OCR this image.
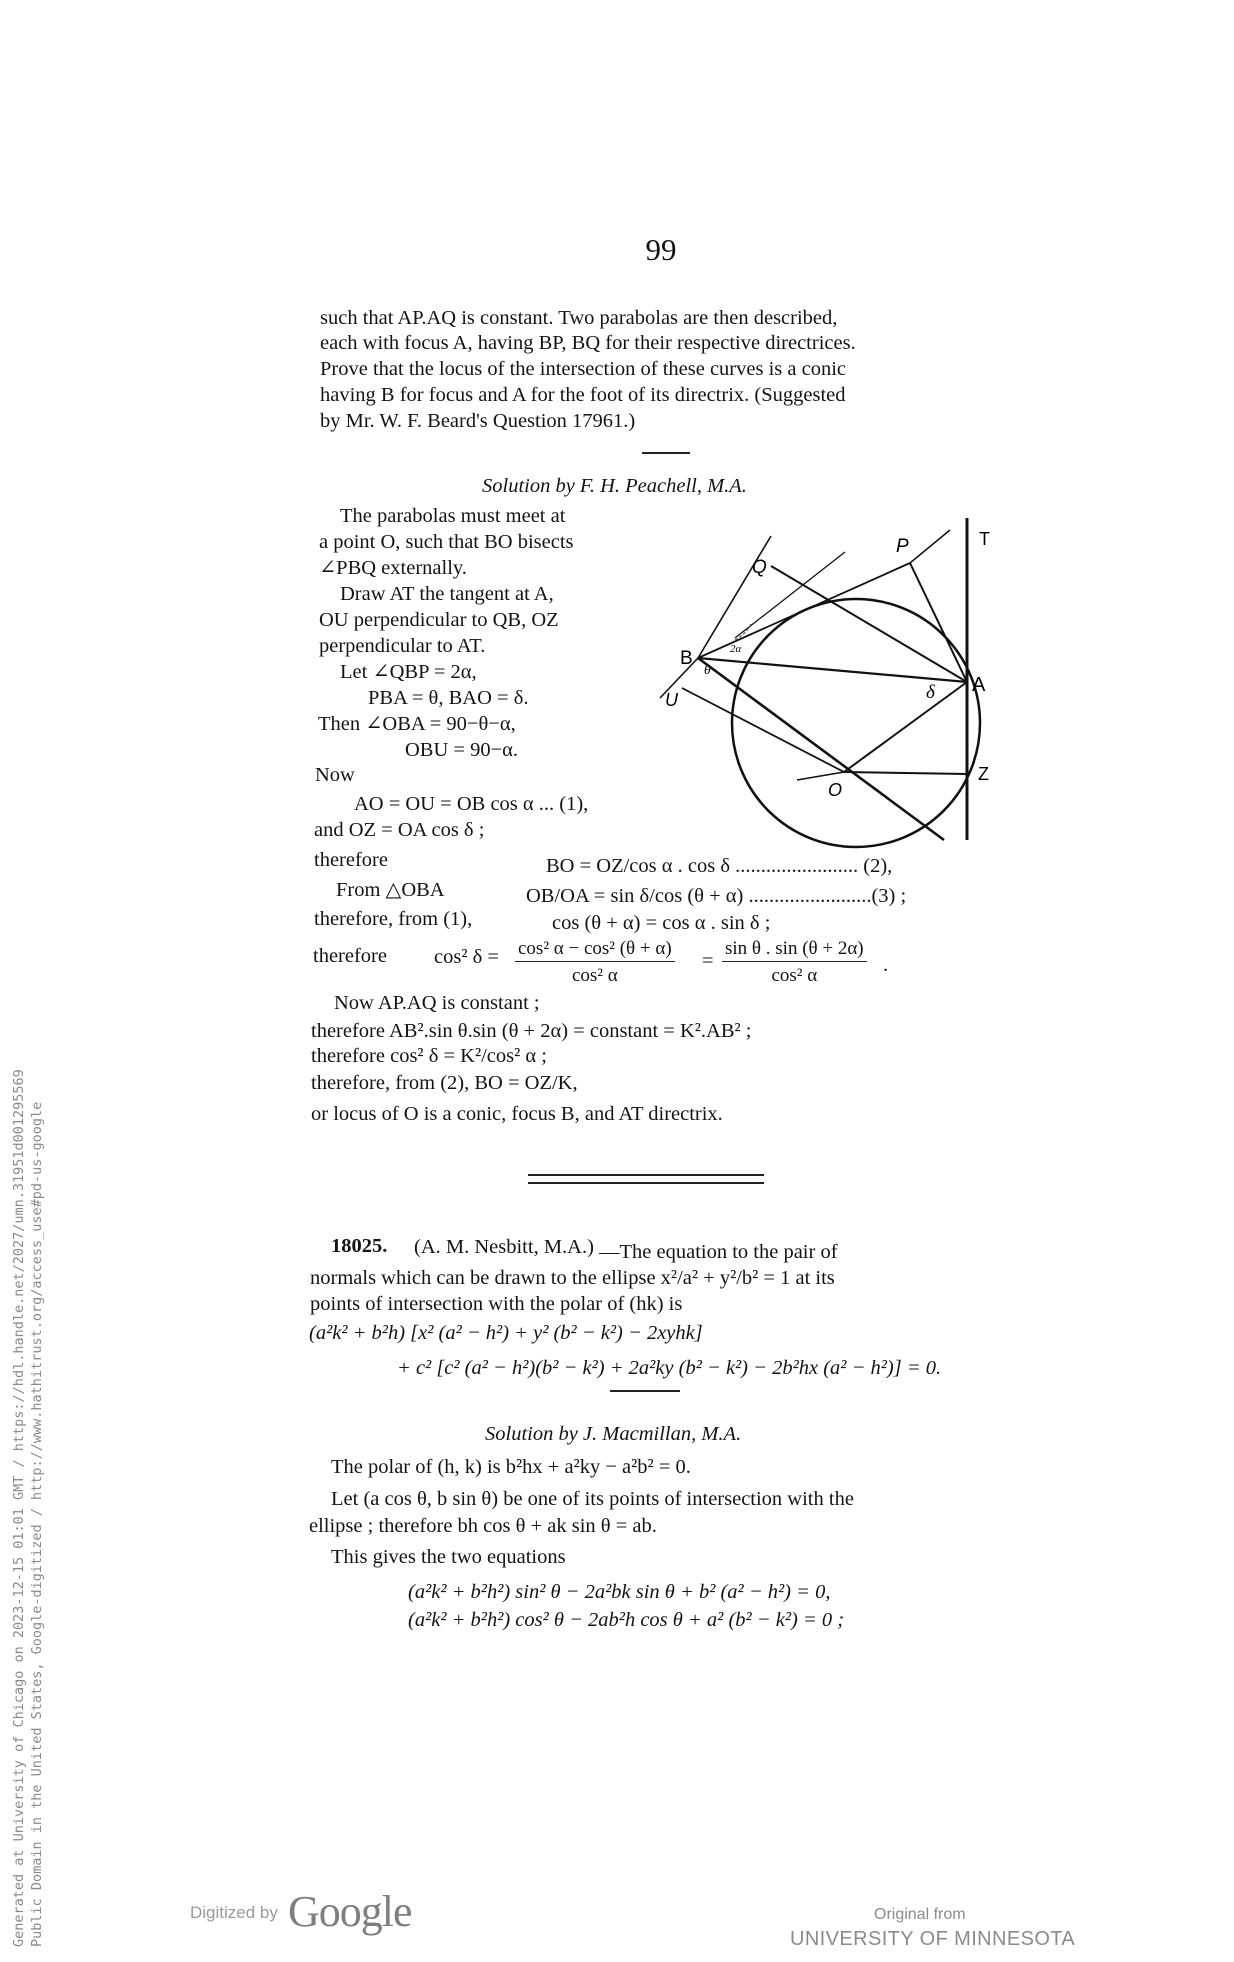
99
such that AP.AQ is constant. Two parabolas are then described,
each with focus A, having BP, BQ for their respective directrices.
Prove that the locus of the intersection of these curves is a conic
having B for focus and A for the foot of its directrix. (Suggested
by Mr. W. F. Beard's Question 17961.)
Solution by F. H. Peachell, M.A.
The parabolas must meet at
a point O, such that BO bisects
∠PBQ externally.
Draw AT the tangent at A,
OU perpendicular to QB, OZ
perpendicular to AT.
Let ∠QBP = 2α,
PBA = θ, BAO = δ.
Then ∠OBA = 90−θ−α,
OBU = 90−α.
Now
AO = OU = OB cos α ... (1),
and OZ = OA cos δ ;
P
Q
T
B
θ
2α
A
δ
U
O
Z
therefore	BO = OZ/cos α . cos δ ........................ (2),
From △OBA	OB/OA = sin δ/cos (θ + α) ........................(3) ;
therefore, from (1),	cos (θ + α) = cos α . sin δ ;
therefore cos² $\delta = \frac{\text{cos² α − cos² (θ + α)}}{\text{cos² α}} = \frac{\text{sin θ . sin (θ + 2α)}}{\text{cos² α}}$ .
Now AP.AQ is constant ;
therefore AB².sin θ.sin (θ + 2α) = constant = K².AB² ;
therefore cos² δ = K²/cos² α ;
therefore, from (2), BO = OZ/K,
or locus of O is a conic, focus B, and AT directrix.
18025. (A. M. Nesbitt, M.A.) —The equation to the pair of
normals which can be drawn to the ellipse x²/a² + y²/b² = 1 at its
points of intersection with the polar of (hk) is
(a²k² + b²h) [x² (a² − h²) + y² (b² − k²) − 2xyhk]
+ c² [c² (a² − h²)(b² − k²) + 2a²ky (b² − k²) − 2b²hx (a² − h²)] = 0.
Solution by J. Macmillan, M.A.
The polar of (h, k) is b²hx + a²ky − a²b² = 0.
Let (a cos θ, b sin θ) be one of its points of intersection with the
ellipse ; therefore bh cos θ + ak sin θ = ab.
This gives the two equations
(a²k² + b²h²) sin² θ − 2a²bk sin θ + b² (a² − h²) = 0,
(a²k² + b²h²) cos² θ − 2ab²h cos θ + a² (b² − k²) = 0 ;
Generated at University of Chicago on 2023-12-15 01:01 GMT / https://hdl.handle.net/2027/umn.31951d001295569 Public Domain in the United States, Google-digitized / http://www.hathitrust.org/access_use#pd-us-google	Digitized by Google	Original from
UNIVERSITY OF MINNESOTA
